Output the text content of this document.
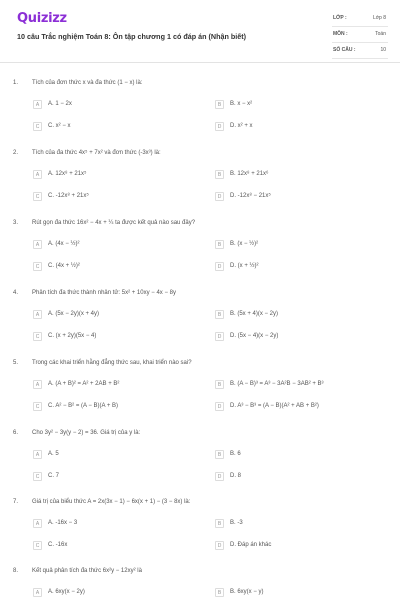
Quizizz
10 câu Trắc nghiệm Toán 8: Ôn tập chương 1 có đáp án (Nhận biết)
LỚP :	Lớp 8
MÔN :	Toán
SỐ CÂU :	10
1. Tích của đơn thức x và đa thức (1 − x) là:
A	A. 1 − 2x	B	B. x − x²
C	C. x² − x	D	D. x² + x
2. Tích của đa thức 4x⁵ + 7x² và đơn thức (-3x³) là:
A	A. 12x⁸ + 21x⁵	B	B. 12x⁸ + 21x⁶
C	C. -12x⁸ + 21x⁵	D	D. -12x⁸ − 21x⁵
3. Rút gọn đa thức 16x² − 4x + ¼ ta được kết quả nào sau đây?
A	A. (4x − ½)²	B	B. (x − ½)²
C	C. (4x + ½)²	D	D. (x + ½)²
4. Phân tích đa thức thành nhân tử: 5x² + 10xy − 4x − 8y
A	A. (5x − 2y)(x + 4y)	B	B. (5x + 4)(x − 2y)
C	C. (x + 2y)(5x − 4)	D	D. (5x − 4)(x − 2y)
5. Trong các khai triển hằng đẳng thức sau, khai triển nào sai?
A	A. (A + B)² = A² + 2AB + B²	B	B. (A − B)³ = A³ − 3A²B − 3AB² + B³
C	C. A² − B² = (A − B)(A + B)	D	D. A³ − B³ = (A − B)(A² + AB + B²)
6. Cho 3y² − 3y(y − 2) = 36. Giá trị của y là:
A	A. 5	B	B. 6
C	C. 7	D	D. 8
7. Giá trị của biểu thức A = 2x(3x − 1) − 6x(x + 1) − (3 − 8x) là:
A	A. -16x − 3	B	B. -3
C	C. -16x	D	D. Đáp án khác
8. Kết quả phân tích đa thức 6x²y − 12xy² là
A	A. 6xy(x − 2y)	B	B. 6xy(x − y)
